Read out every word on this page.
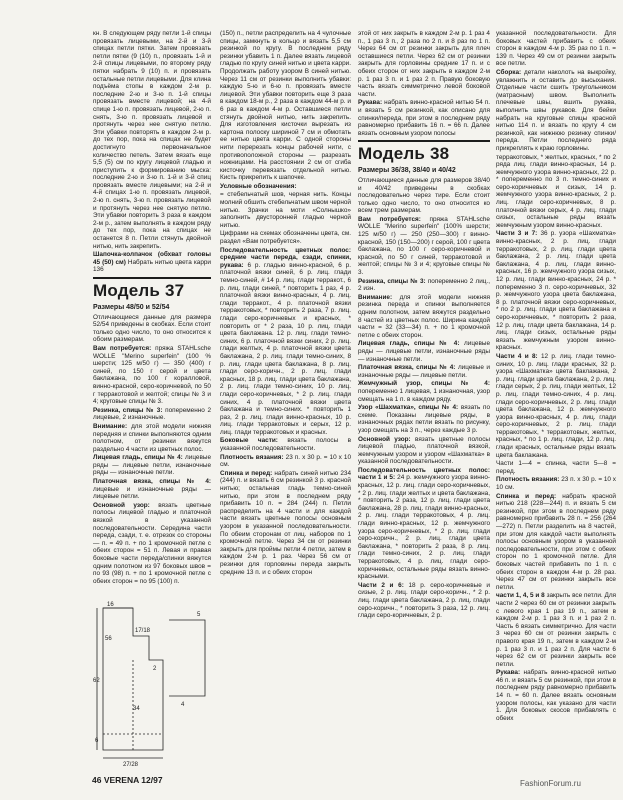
кн. В следующем ряду петли 1-й спицы провязать лицевыми, на 2-й и 3-й спицах петли пятки. Затем провязать петли пятки (9 (10) п., провязать 1-й и 2-й спицы лицевыми, по второму ряду пятки набрать 9 (10) п. и провязать остальные петли лицевыми. Для клина подъёма стопы в каждом 2-м р. последние 2-ю и 3-ю п. 1-й спицы провязать вместе лицевой; на 4-й спице 1-ю п. провязать лицевой, 2-ю п. снять, 3-ю п. провязать лицевой и протянуть через нее снятую петлю. Эти убавки повторять в каждом 2-м р. до тех пор, пока на спицах не будет достигнуто первоначальное количество петель. Затем вязать еще 5,5 (5) см по кругу лицевой гладью и приступить к формированию мыска: последние 2-ю и 3-ю п. 1-й и 3-й спиц провязать вместе лицевыми; на 2-й и 4-й спицах 1-ю п. провязать лицевой, 2-ю п. снять, 3-ю п. провязать лицевой и протянуть через нее снятую петлю. Эти убавки повторить 3 раза в каждом 2-м р., затем выполнять в каждом ряду до тех пор, пока на спицах не останется 8 п. Петли стянуть двойной нитью, нить закрепить.

Шапочка-колпачок (обхват головы 45 (50) см) Набрать нитью цвета карри 136

Модель 37
Размеры 48/50 и 52/54

Отличающиеся данные для размера 52/54 приведены в скобках. Если стоит только одно число, то оно относится к обоим размерам.

Вам потребуется: пряжа STAHLsche WOLLE "Merino superfein" (100 % шерсти; 125 м/50 г) — 350 (400) г синей, по 150 г серой и цвета баклажана, по 100 г коралловой, винно-красной, серо-коричневой, по 50 г терракотовой и желтой; спицы № 3 и 4; круговые спицы № 3.

Резинка, спицы № 3: попеременно 2 лицевые, 2 изнаночные.

Внимание: для этой модели нижняя передняя и спинки выполняются одним полотном, от резинки вяжутся раздельно 4 части из цветных полос.

Лицевая гладь, спицы № 4: лицевые ряды — лицевые петли, изнаночные ряды — изнаночные петли.

Платочная вязка, спицы № 4: лицевые и изнаночные ряды — лицевые петли.

Основной узор: вязать цветные полосы лицевой гладью и платочной вязкой в указанной последовательности. Середина части переда, сзади, т. е. отрезок со стороны — п. = 49 п. + по 1 кромочной петле с обеих сторон = 51 п. Левая и правая боковые части переда/спинки вяжутся одним полотном из 97 боковых швов = по 93 (98) п. + по 1 кромочной петле с обеих сторон = по 95 (100) п.

16
17/18
56
62
2
34
6
27/28
4
5

(150) п., петли распределить на 4 чулочные спицы, замкнуть в кольцо и вязать 5,5 см резинкой по кругу. В последнем ряду резинки убавить 1 п. Далее вязать лицевой гладью по кругу синей нитью и цвета карри. Продолжать работу узором В синей нитью. Через 11 см от резинки выполнить убавки: каждую 5-ю и 6-ю п. провязать вместе лицевой. Эти убавки повторить еще 3 раза в каждом 18-м р., 2 раза в каждом 44-м р. и 6 раз в каждом 4-м р. Оставшиеся петли стянуть двойной нитью, нить закрепить. Для изготовления кисточки вырезать из картона полоску шириной 7 см и обмотать ее нитью цвета карри. С одной стороны нити перерезать концы рабочей нити, с противоположной стороны — разрезать ножницами. На расстоянии 2 см от сгиба кисточку перевязать отдельной нитью. Кисть прикрепить к шапочке.

Условные обозначения:

= стебельчатый шов, черная нить. Концы молний обшить стебельчатым швом черной нитью. Зрачки на моти «Солнышко» заполнить двусторонней гладью черной нитью.

Цифрами на схемах обозначены цвета, см. раздел «Вам потребуется».

Последовательность цветных полос: средние части переда, сзади, спинки, рукава: 6 р. гладью винно-красной, 6 р. платочной вязки синей, 6 р. лиц. глади темно-синей, # 14 р. лиц. глади терракот., 6 р. лиц. глади синей, * повторить 1 раз, 4 р. платочной вязки винно-красных, 4 р. лиц. глади терракот., 4 р. платочной вязки терракотовых, * повторить 2 раза, 7 р. лиц. глади серо-коричневых и красных, * повторить от * 2 раза, 10 р. лиц. глади цвета баклажана. 12 р. лиц. глади темно-синих, 6 р. платочной вязки синих, 2 р. лиц. глади желтых, 4 р. платочной вязки цвета баклажана, 2 р. лиц. глади темно-синих, 8 р. лиц. глади цвета баклажана, 8 р. лиц. глади серо-коричн., 2 р. лиц. глади красных, 18 р. лиц. глади цвета баклажана, 2 р. лиц. глади темно-синих, 10 р. лиц. глади серо-коричневых, * 2 р. лиц. глади синих, 4 р. платочной вязки цвета баклажана и темно-синих. * повторить 1 раз, 2 р. лиц. глади винно-красных, 10 р. лиц. глади терракотовых и серых, 12 р. лиц. глади терракотовых и красных.

Боковые части: вязать полосы в указанной последовательности.

Плотность вязания: 23 п. х 30 р. = 10 х 10 см.

Спинка и перед: набрать синей нитью 234 (244) п. и вязать 6 см резинкой 3 р. красной нитью; остальная гладь темно-синей нитью, при этом в последнем ряду прибавить 10 п. = 284 (244) п. Петли распределить на 4 части и для каждой части вязать цветные полосы основным узором в указанной последовательности. По обеим сторонам от лиц. наборов по 1 кромочной петле. Через 34 см от резинки закрыть для проймы петли 4 петли, затем в каждом 2-м р. 1 раз. Через 56 см от резинки для горловины переда закрыть средние 13 п. и с обеих сторон

этой от них закрыть в каждом 2-м р. 1 раз 4 п., 1 раз 3 п., 2 раза по 2 п. и 8 раз по 1 п. Через 64 см от резинки закрыть для плеч оставшиеся петли. Через 62 см от резинки закрыть для горловины средние 17 п. и с обеих сторон от них закрыть в каждом 2-м р. 1 раз 3 п. и 1 раз 2 п. Правую боковую часть вязать симметрично левой боковой части.

Рукава: набрать винно-красной нитью 54 п. и вязать 5 см резинкой, как описано для спинки/переда, при этом в последнем ряду равномерно прибавить 16 п. = 66 п. Далее вязать основным узором полосы

Модель 38
Размеры 36/38, 38/40 и 40/42

Отличающиеся данные для размеров 38/40 и 40/42 приведены в скобках последовательно через тире. Если стоит только одно число, то оно относится ко всем трем размерам.

Вам потребуется: пряжа STAHLsche WOLLE "Merino superfein" (100% шерсти; 125 м/50 г) — 250 (250—300) г винно-красной, 150 (150—200) г серой, 100 г цвета баклажана, по 100 г серо-коричневой и красной, по 50 г синей, терракотовой и желтой; спицы № 3 и 4; круговые спицы № 3.

Резинка, спицы № 3: попеременно 2 лиц., 2 изн.

Внимание: для этой модели нижняя резинка переда и спинки выполняется одним полотном, затем вяжутся раздельно 8 частей из цветных полос. Ширина каждой части = 32 (33—34) п. + по 1 кромочной петле с обеих сторон.

Лицевая гладь, спицы № 4: лицевые ряды — лицевые петли, изнаночные ряды — изнаночные петли.

Платочная вязка, спицы № 4: лицевые и изнаночные ряды — лицевые петли.

Жемчужный узор, спицы № 4: попеременно 1 лицевая, 1 изнаночная, узор смещать на 1 п. в каждом ряду.

Узор «Шахматка», спицы № 4: вязать по схеме. Показаны лицевые ряды, в изнаночных рядах петли вязать по рисунку, узор смещать на 3 п., через каждые 3 р.

Основной узор: вязать цветные полосы лицевой гладью, платочной вязкой, жемчужным узором и узором «Шахматка» в указанной последовательности.

Последовательность цветных полос: части 1 и 5: 24 р. жемчужного узора винно-красных, 12 р. лиц. глади серо-коричневых, * 2 р. лиц. глади желтых и цвета баклажана, * повторить 2 раза, 12 р. лиц. глади цвета баклажана, 28 р. лиц. глади винно-красных, 2 р. лиц. глади терракотовых, 4 р. лиц. глади винно-красных, 12 р. жемчужного узора серо-коричневых, * 2 р. лиц. глади серо-коричн., 2 р. лиц. глади цвета баклажана, * повторить 2 раза, 8 р. лиц. глади темно-синих, 2 р. лиц. глади терракотовых, 4 р. лиц. глади серо-коричневых, остальные ряды вязать винно-красными.

Части 2 и 6: 18 р. серо-коричневые и сизые, 2 р. лиц. глади серо-коричн., * 2 р. лиц. глади цвета баклажана, 2 р. лиц. глади серо-коричн., * повторить 3 раза, 12 р. лиц. глади серо-коричневых, 2 р.

указанной последовательности. Для боковых частей прибавить с обеих сторон в каждом 4-м р. 35 раз по 1 п. = 139 п. Через 49 см от резинки закрыть все петли.

Сборка: детали наколоть на выкройку, увлажнить и оставить до высыхания. Отделные части сшить треугольником (матрасным) швом. Выполнить плечевые швы, вшить рукава, выполнить швы рукавов. Для бейки набрать на круговые спицы красной нитью 114 п. и вязать по кругу 4 см резинкой, как нижнюю резинку спинки/переда. Петли последнего ряда прикреплять к краю горловины.

терракотовых, * желтых, красных, * по 2 ряда лиц. глади винно-красных, 14 р. жемчужного узора винно-красных, 22 р. * попеременно по 3 п. темно-синих и серо-коричневых и сизых, 14 р. жемчужного узора винно-красных, 2 р. лиц. глади серо-коричневых, 8 р. платочной вязки серых, 4 р. лиц. глади сизых, остальные ряды вязать жемчужным узором винно-красных.

Части 3 и 7: 36 р. узора «Шахматка» винно-красных, 2 р. лиц. глади терракотовых, 2 р. лиц. глади цвета баклажана, 2 р. лиц. глади цвета баклажана, 4 р. лиц. глади винно-красных, 16 р. жемчужного узора сизых, 12 р. лиц. глади винно-красных, 24 р. * попеременно 3 п. серо-коричневых, 32 р. жемчужного узора цвета баклажана, 8 р. платочной вязки серо-коричневых, * по 2 р. лиц. глади цвета баклажана и серо-коричневых, * повторить 2 раза, 12 р. лиц. глади цвета баклажана, 14 р. лиц. глади сизых, остальные ряды вязать жемчужным узором винно-красных.

Части 4 и 8: 12 р. лиц. глади темно-синих, 10 р. лиц. глади красных, 32 р. узора «Шахматка» цвета баклажана, 2 р. лиц. глади цвета баклажана, 2 р. лиц. глади серых, 2 р. лиц. глади желтых, 12 р. лиц. глади темно-синих, 4 р. лиц. глади серо-коричневых, 2 р. лиц. глади цвета баклажана, 12 р. жемчужного узора винно-красных, 4 р. лиц. глади серо-коричневых, 2 р. лиц. глади терракотовых, * терракотовых, желтых, красных, * по 1 р. лиц. глади, 12 р. лиц. глади красных, остальные ряды вязать цвета баклажана.

Части 1—4 = спинка, части 5—8 = перед.

Плотность вязания: 23 п. х 30 р. = 10 х 10 см.

Спинка и перед: набрать красной нитью 218 (228—244) п. и вязать 5 см резинкой, при этом в последнем ряду равномерно прибавить 28 п. = 256 (264—272) п. Петли разделить на 8 частей, при этом для каждой части выполнять полосы основным узором в указанной последовательности, при этом с обеих сторон по 1 кромочной петле. Для боковых частей прибавить по 1 п. с обеих сторон в каждом 4-м р. 28 раз. Через 47 см от резинки закрыть все петли.

части 1, 4, 5 и 8 закрыть все петли. Для части 2 через 60 см от резинки закрыть с левого края 1 раз 19 п., затем в каждом 2-м р. 1 раз 3 п. и 1 раз 2 п. Часть 6 вязать симметрично. Для части 3 через 60 см от резинки закрыть с правого края 19 п., затем в каждом 2-м р. 1 раз 3 п. и 1 раз 2 п. Для части 6 через 62 см от резинки закрыть все петли.

Рукава: набрать винно-красной нитью 46 п. и вязать 5 см резинкой, при этом в последнем ряду равномерно прибавить 14 п. = 60 п. Далее вязать основным узором полосы, как указано для части 1. Для боковых скосов прибавлять с обеих

46 VERENA 12/97	FashionForum.ru
